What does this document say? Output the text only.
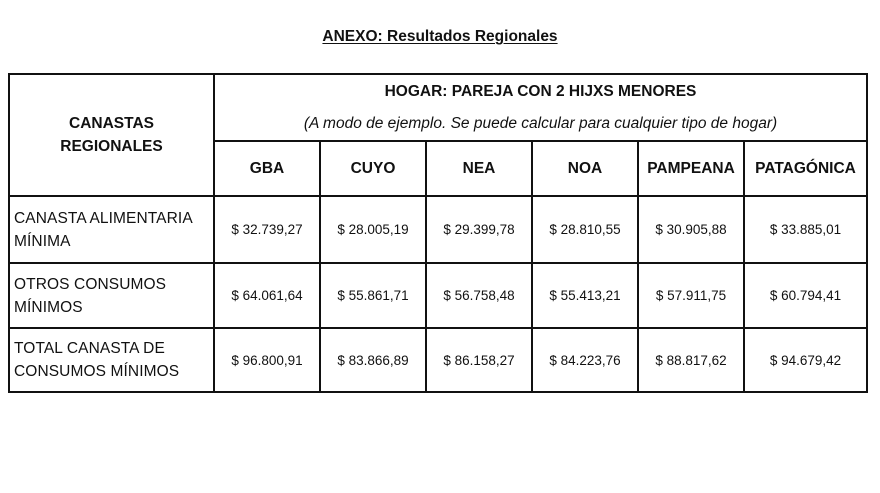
ANEXO: Resultados Regionales
CANASTAS
REGIONALES	HOGAR: PAREJA CON 2 HIJXS MENORES					
	(A modo de ejemplo. Se puede calcular para cualquier tipo de hogar)					
	GBA	CUYO	NEA	NOA	PAMPEANA	PATAGÓNICA

CANASTA ALIMENTARIA
MÍNIMA	$ 32.739,27	$ 28.005,19	$ 29.399,78	$ 28.810,55	$ 30.905,88	$ 33.885,01

OTROS CONSUMOS
MÍNIMOS	$ 64.061,64	$ 55.861,71	$ 56.758,48	$ 55.413,21	$ 57.911,75	$ 60.794,41

TOTAL CANASTA DE
CONSUMOS MÍNIMOS	$ 96.800,91	$ 83.866,89	$ 86.158,27	$ 84.223,76	$ 88.817,62	$ 94.679,42
